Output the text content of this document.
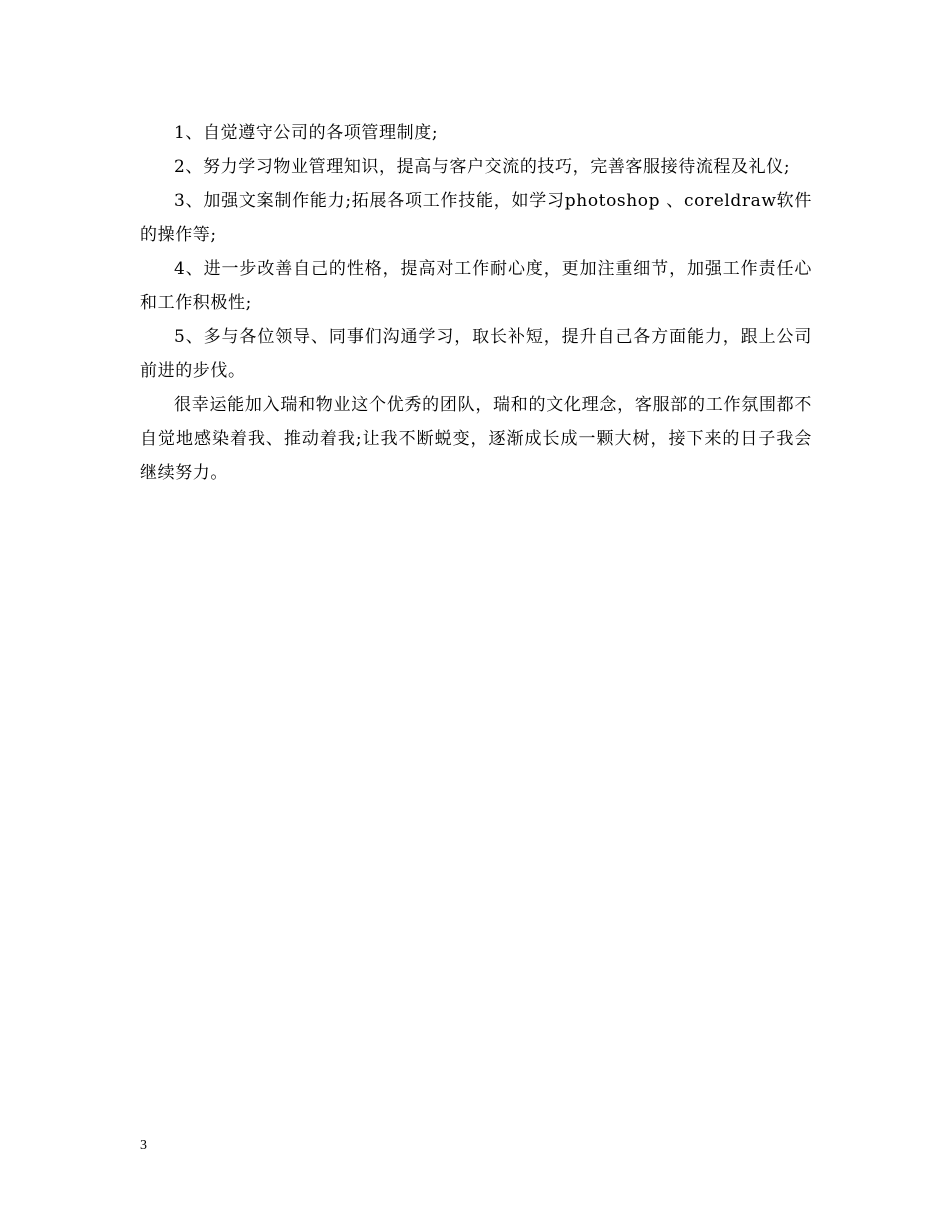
1、自觉遵守公司的各项管理制度;

2、努力学习物业管理知识，提高与客户交流的技巧，完善客服接待流程及礼仪;

3、加强文案制作能力;拓展各项工作技能，如学习photoshop 、coreldraw软件的操作等;

4、进一步改善自己的性格，提高对工作耐心度，更加注重细节，加强工作责任心和工作积极性;

5、多与各位领导、同事们沟通学习，取长补短，提升自己各方面能力，跟上公司前进的步伐。

很幸运能加入瑞和物业这个优秀的团队，瑞和的文化理念，客服部的工作氛围都不自觉地感染着我、推动着我;让我不断蜕变，逐渐成长成一颗大树，接下来的日子我会继续努力。

3
